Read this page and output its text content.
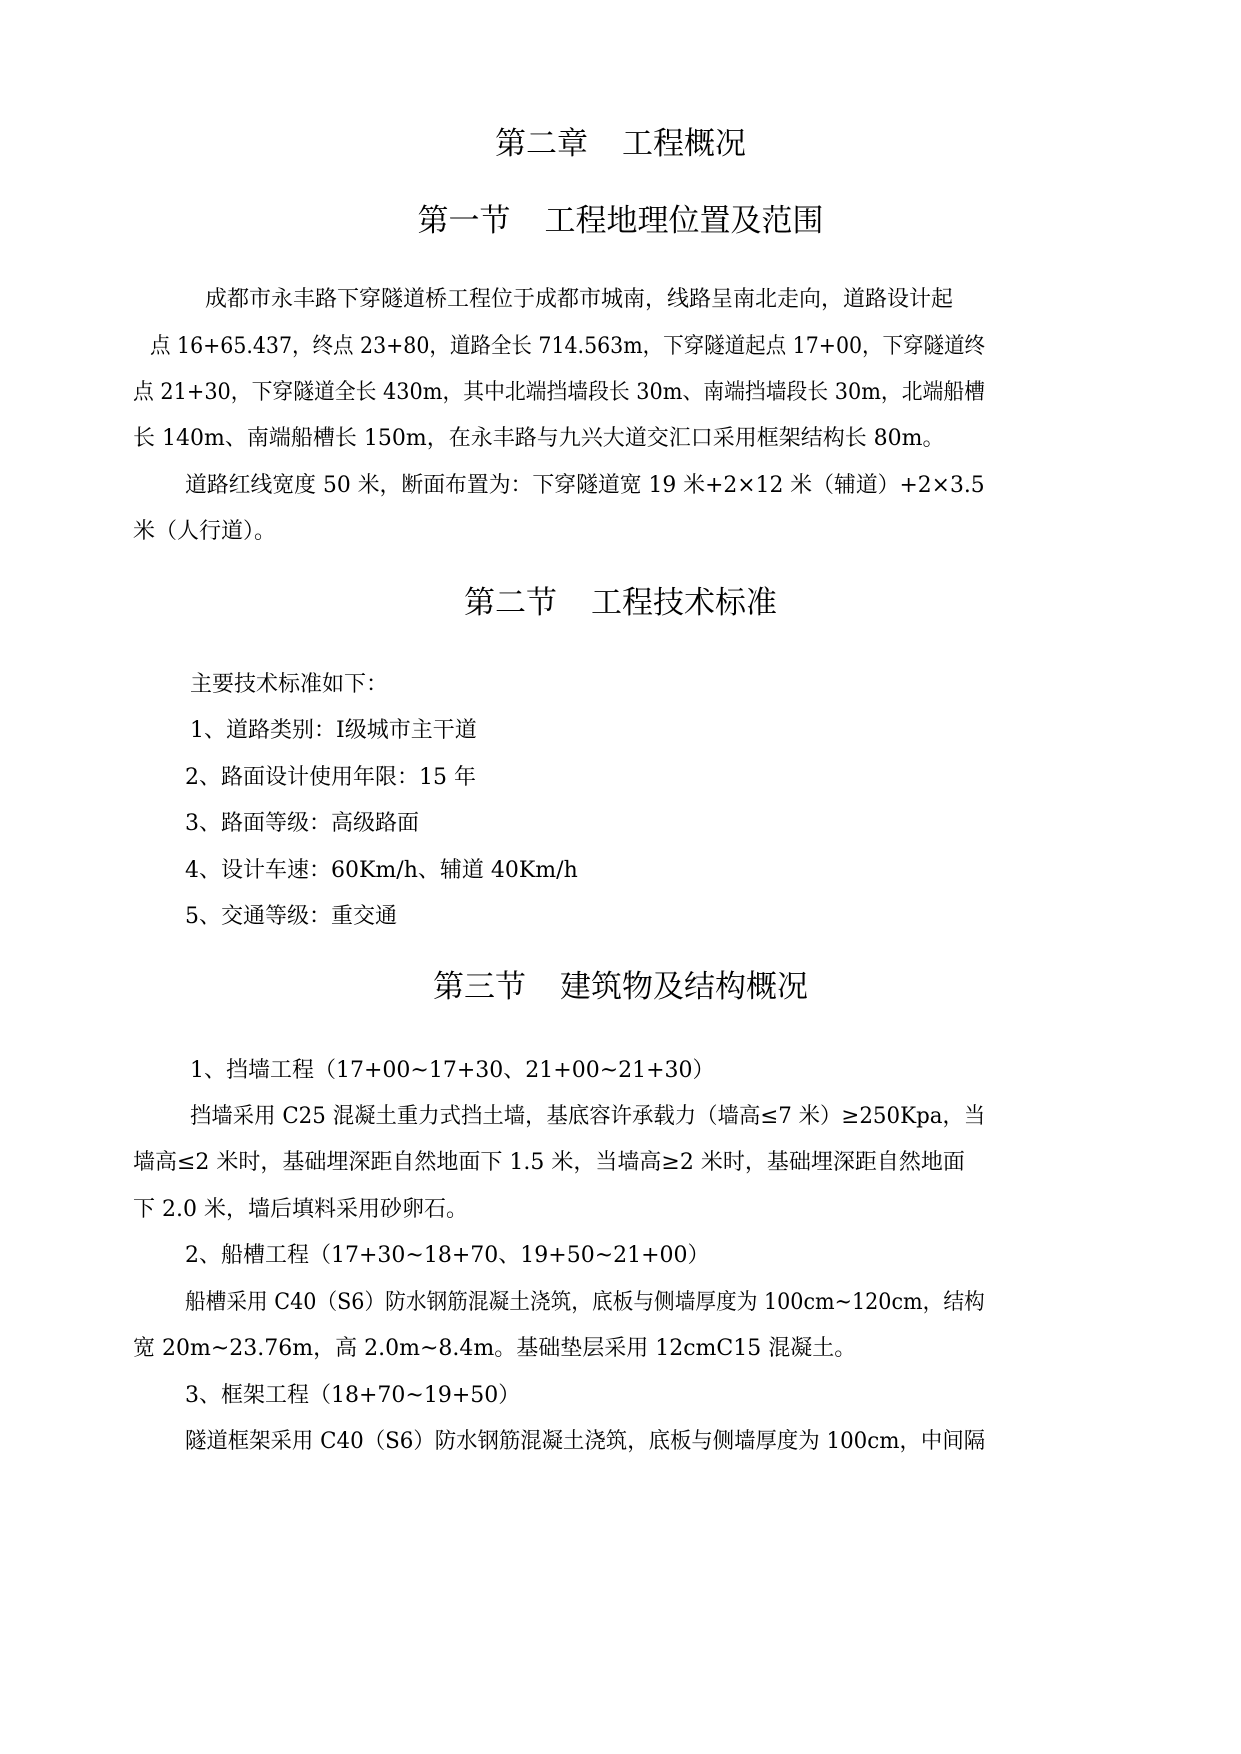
第二章 工程概况
第一节 工程地理位置及范围

成都市永丰路下穿隧道桥工程位于成都市城南，线路呈南北走向，道路设计起

点 16+65.437，终点 23+80，道路全长 714.563m，下穿隧道起点 17+00，下穿隧道终

点 21+30，下穿隧道全长 430m，其中北端挡墙段长 30m、南端挡墙段长 30m，北端船槽

长 140m、南端船槽长 150m，在永丰路与九兴大道交汇口采用框架结构长 80m。

道路红线宽度 50 米，断面布置为：下穿隧道宽 19 米+2×12 米（辅道）+2×3.5

米（人行道）。

第二节 工程技术标准

主要技术标准如下：

1、道路类别：Ⅰ级城市主干道

2、路面设计使用年限：15 年

3、路面等级：高级路面

4、设计车速：60Km/h、辅道 40Km/h

5、交通等级：重交通

第三节 建筑物及结构概况

1、挡墙工程（17+00~17+30、21+00~21+30）

挡墙采用 C25 混凝土重力式挡土墙，基底容许承载力（墙高≤7 米）≥250Kpa，当

墙高≤2 米时，基础埋深距自然地面下 1.5 米，当墙高≥2 米时，基础埋深距自然地面

下 2.0 米，墙后填料采用砂卵石。

2、船槽工程（17+30~18+70、19+50~21+00）

船槽采用 C40（S6）防水钢筋混凝土浇筑，底板与侧墙厚度为 100cm~120cm，结构

宽 20m~23.76m，高 2.0m~8.4m。基础垫层采用 12cmC15 混凝土。

3、框架工程（18+70~19+50）

隧道框架采用 C40（S6）防水钢筋混凝土浇筑，底板与侧墙厚度为 100cm，中间隔
